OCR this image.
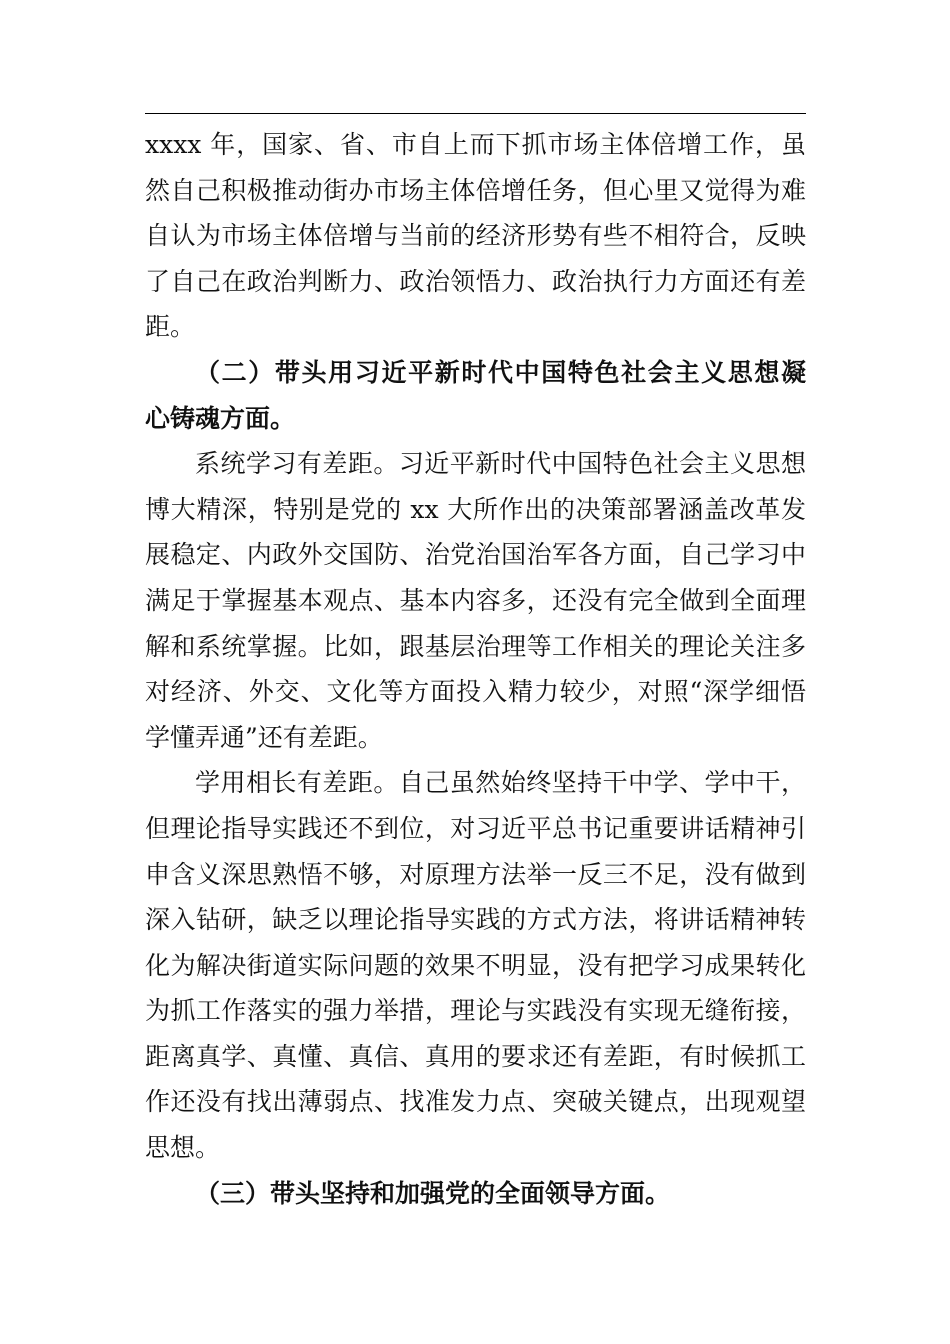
xxxx 年，国家、省、市自上而下抓市场主体倍增工作，虽
然自己积极推动街办市场主体倍增任务，但心里又觉得为难
自认为市场主体倍增与当前的经济形势有些不相符合，反映
了自己在政治判断力、政治领悟力、政治执行力方面还有差
距。
（二）带头用习近平新时代中国特色社会主义思想凝
心铸魂方面。
系统学习有差距。习近平新时代中国特色社会主义思想
博大精深，特别是党的 xx 大所作出的决策部署涵盖改革发
展稳定、内政外交国防、治党治国治军各方面，自己学习中
满足于掌握基本观点、基本内容多，还没有完全做到全面理
解和系统掌握。比如，跟基层治理等工作相关的理论关注多
对经济、外交、文化等方面投入精力较少，对照“深学细悟
学懂弄通”还有差距。
学用相长有差距。自己虽然始终坚持干中学、学中干，
但理论指导实践还不到位，对习近平总书记重要讲话精神引
申含义深思熟悟不够，对原理方法举一反三不足，没有做到
深入钻研，缺乏以理论指导实践的方式方法，将讲话精神转
化为解决街道实际问题的效果不明显，没有把学习成果转化
为抓工作落实的强力举措，理论与实践没有实现无缝衔接，
距离真学、真懂、真信、真用的要求还有差距，有时候抓工
作还没有找出薄弱点、找准发力点、突破关键点，出现观望
思想。
（三）带头坚持和加强党的全面领导方面。
